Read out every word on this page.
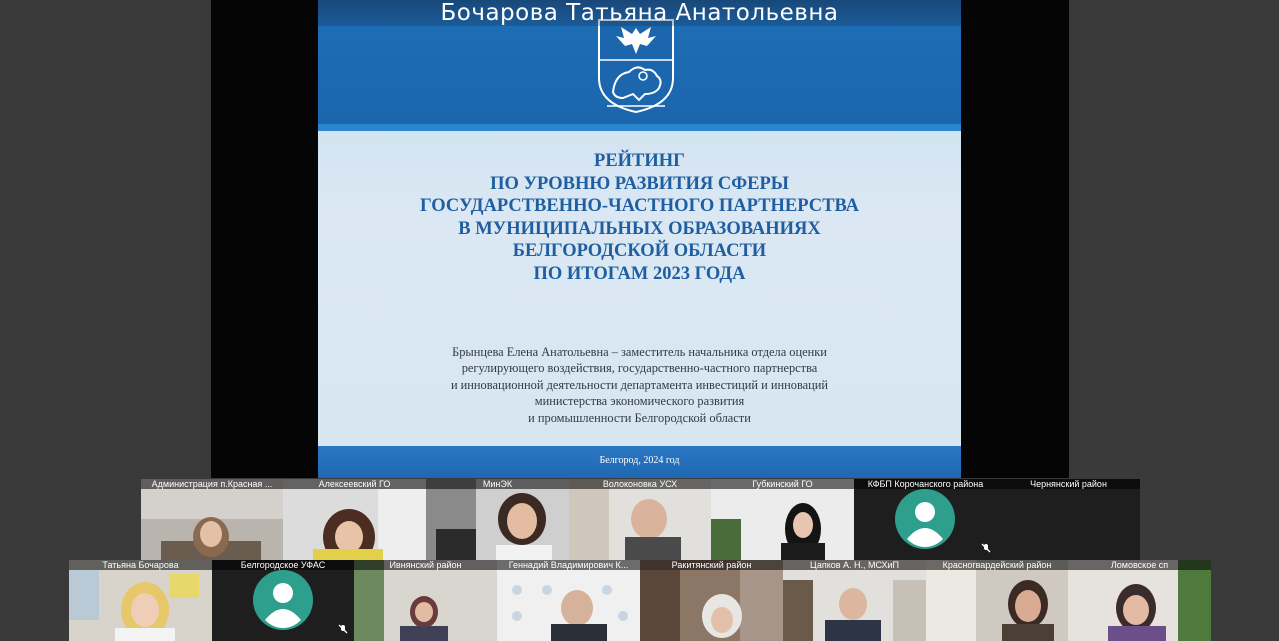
Бочарова Татьяна Анатольевна
РЕЙТИНГ
ПО УРОВНЮ РАЗВИТИЯ СФЕРЫ
ГОСУДАРСТВЕННО-ЧАСТНОГО ПАРТНЕРСТВА
В МУНИЦИПАЛЬНЫХ ОБРАЗОВАНИЯХ
БЕЛГОРОДСКОЙ ОБЛАСТИ
ПО ИТОГАМ 2023 ГОДА
Брынцева Елена Анатольевна – заместитель начальника отдела оценки
регулирующего воздействия, государственно-частного партнерства
и инновационной деятельности департамента инвестиций и инноваций
министерства экономического развития
и промышленности Белгородской области
Белгород, 2024 год
Администрация п.Красная ...	Алексеевский ГО	МинЭК	Волоконовка УСХ	Губкинский ГО	КФБП Корочанского района	Чернянский район
Татьяна Бочарова	Белгородское УФАС	Ивнянский район	Геннадий Владимирович К...	Ракитянский район	Цапков А. Н., МСХиП	Красногвардейский район	Ломовское сп
